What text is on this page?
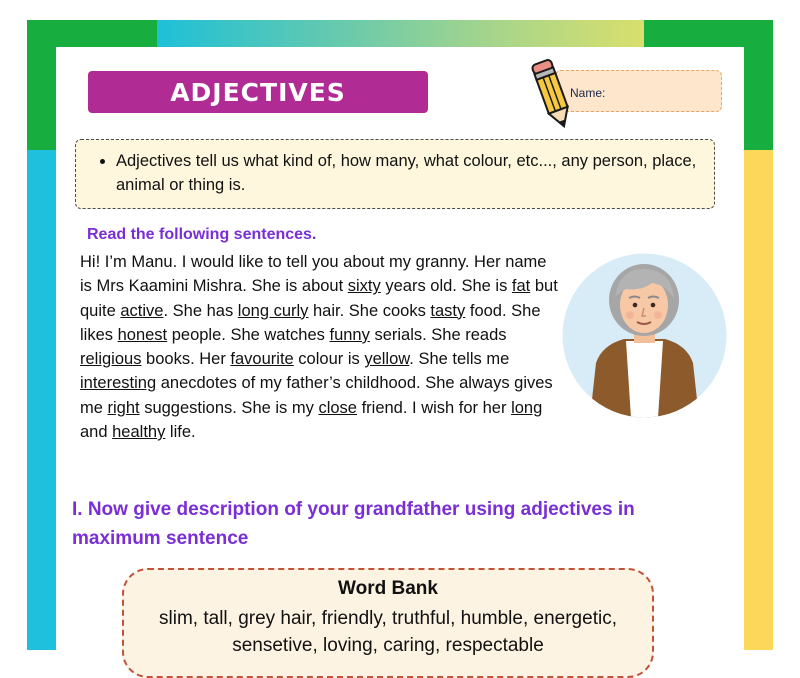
ADJECTIVES	Name:
• Adjectives tell us what kind of, how many, what colour, etc..., any person, place, animal or thing is.
Read the following sentences.

Hi! I’m Manu. I would like to tell you about my granny. Her name is Mrs Kaamini Mishra. She is about sixty years old. She is fat but quite active. She has long curly hair. She cooks tasty food. She likes honest people. She watches funny serials. She reads religious books. Her favourite colour is yellow. She tells me interesting anecdotes of my father’s childhood. She always gives me right suggestions. She is my close friend. I wish for her long and healthy life.

I. Now give description of your grandfather using adjectives in maximum sentence

Word Bank
slim, tall, grey hair, friendly, truthful, humble, energetic, sensetive, loving, caring, respectable
